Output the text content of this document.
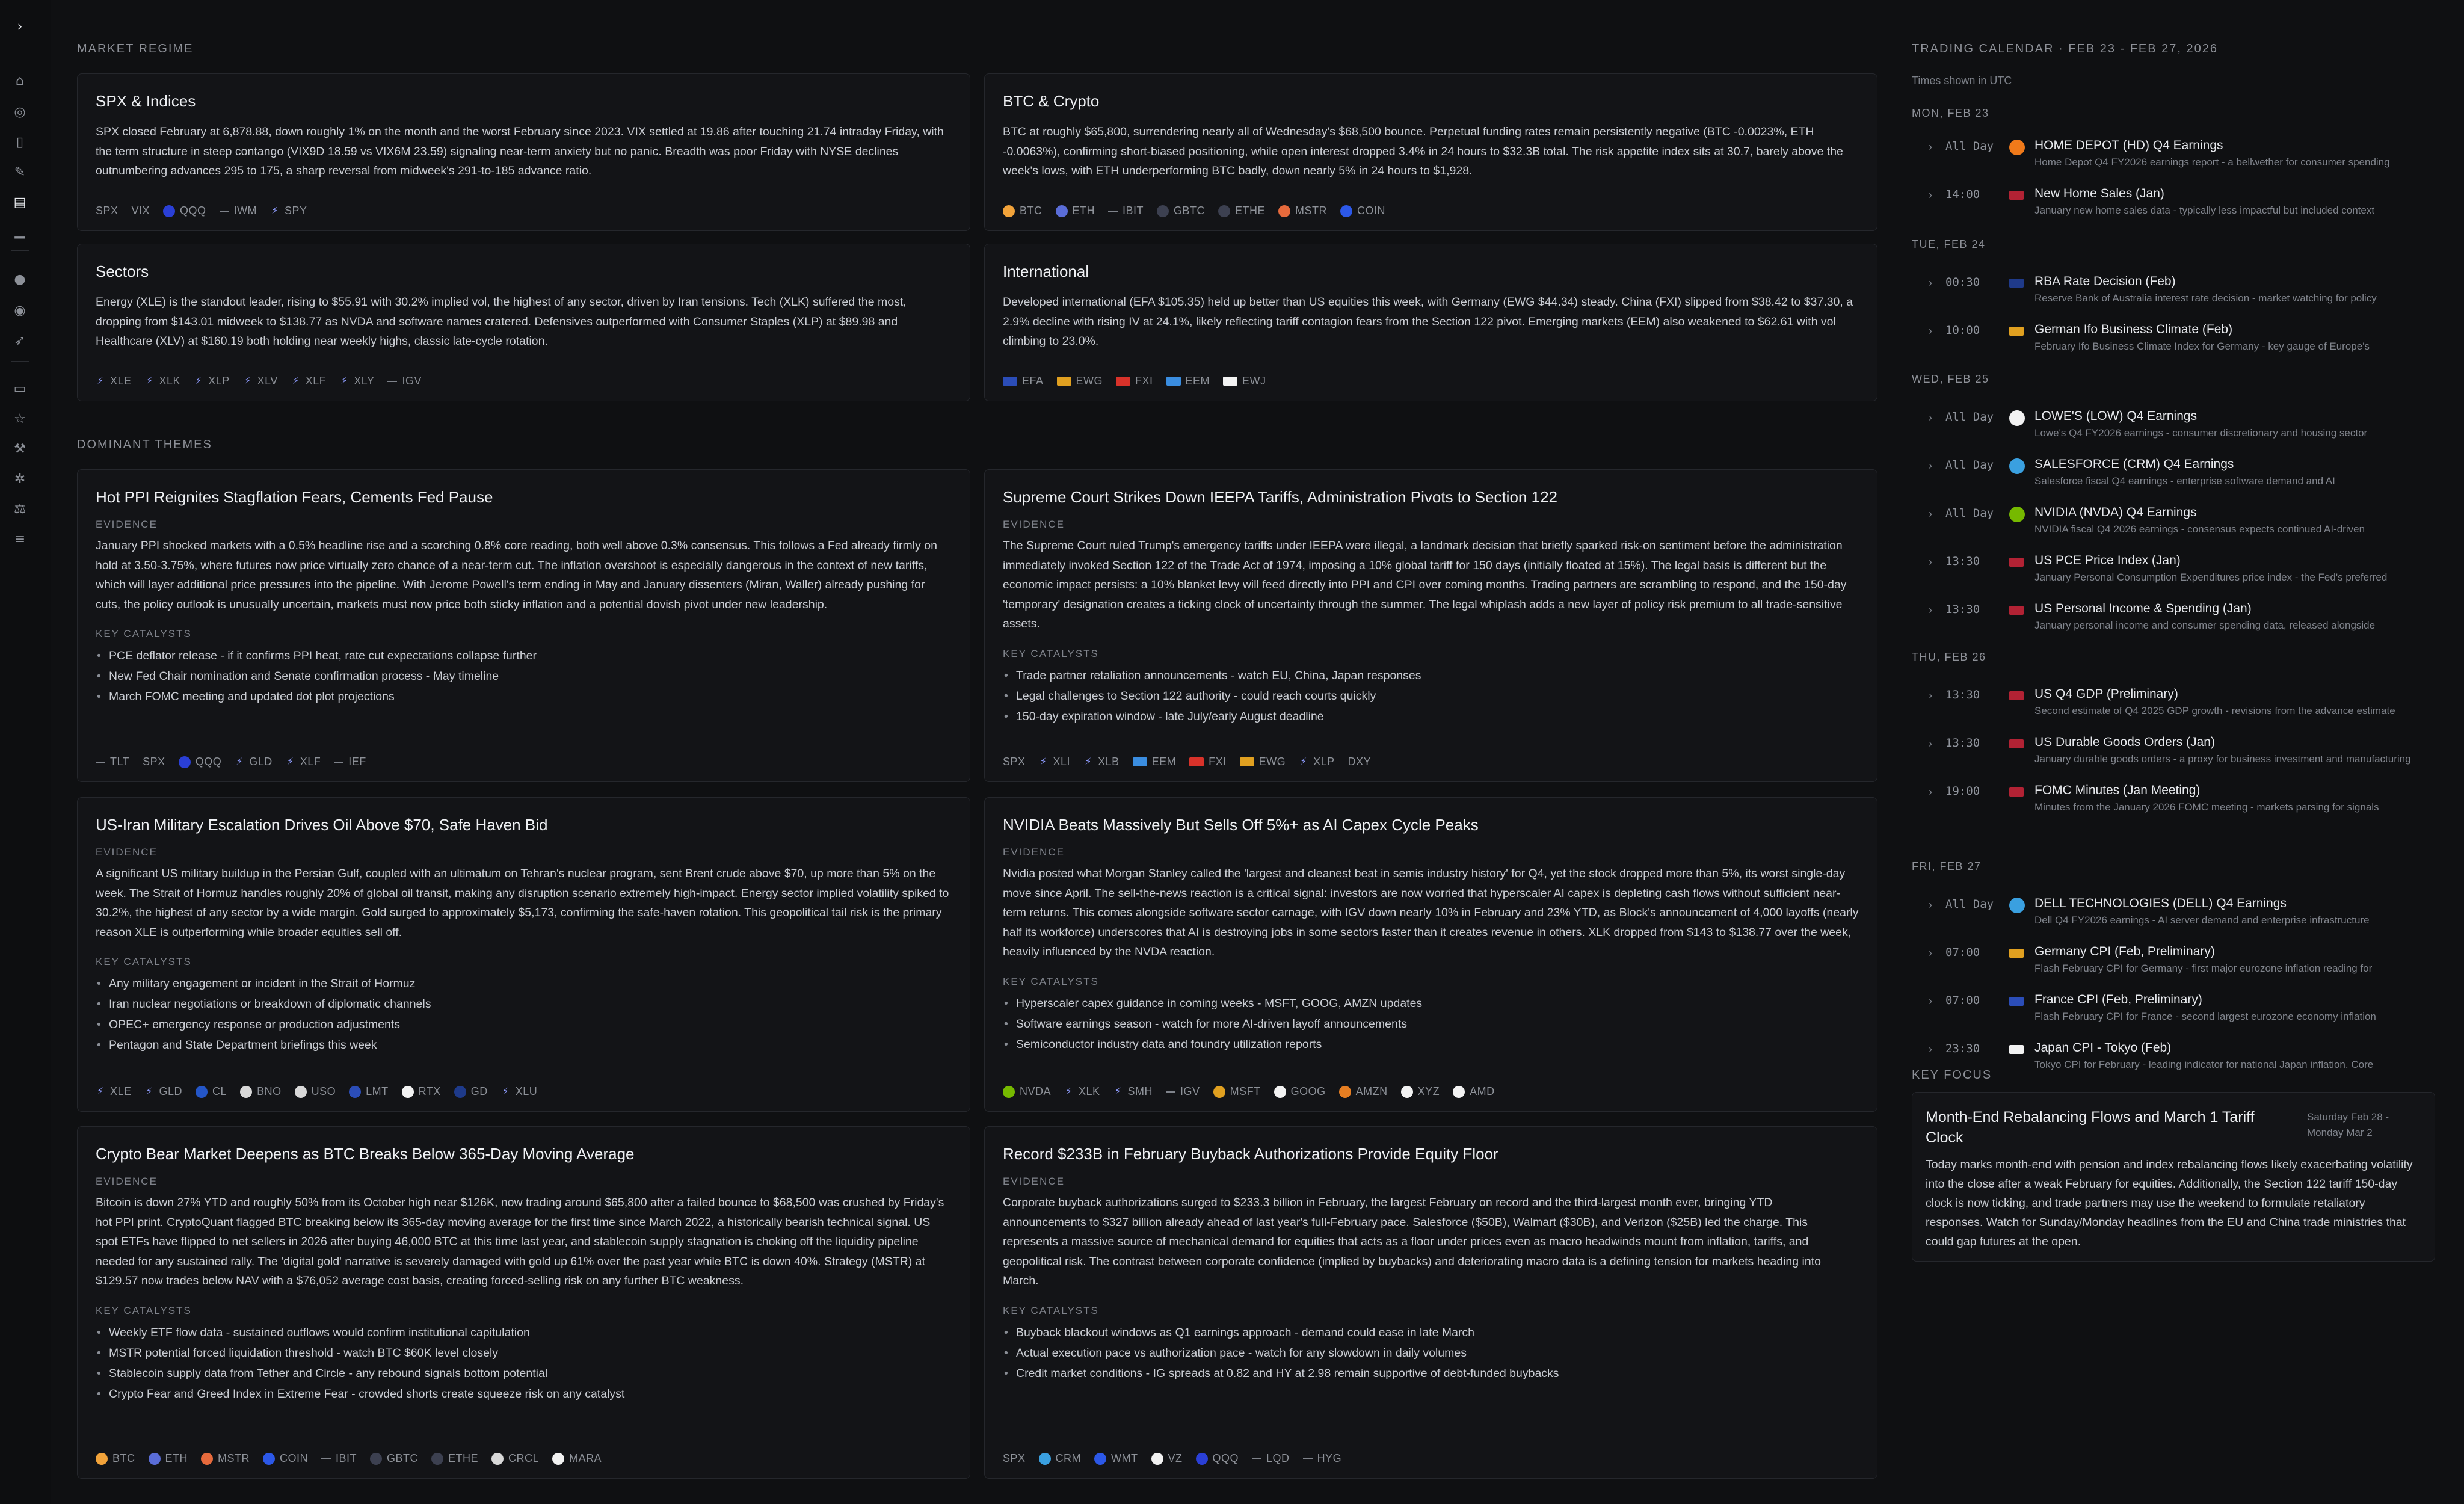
›
⌂
◎
▯
✎
▤
▁
●
◉
➶
▭
☆
⚒
✲
⚖
≡
MARKET REGIME
SPX & Indices
SPX closed February at 6,878.88, down roughly 1% on the month and the worst February since 2023. VIX settled at 19.86 after touching 21.74 intraday Friday, with the term structure in steep contango (VIX9D 18.59 vs VIX6M 23.59) signaling near-term anxiety but no panic. Breadth was poor Friday with NYSE declines outnumbering advances 295 to 175, a sharp reversal from midweek's 291-to-185 advance ratio.
SPX VIX	QQQ	IWM ⚡ SPY
BTC & Crypto
BTC at roughly $65,800, surrendering nearly all of Wednesday's $68,500 bounce. Perpetual funding rates remain persistently negative (BTC -0.0023%, ETH -0.0063%), confirming short-biased positioning, while open interest dropped 3.4% in 24 hours to $32.3B total. The risk appetite index sits at 30.7, barely above the week's lows, with ETH underperforming BTC badly, down nearly 5% in 24 hours to $1,928.
BTC	ETH	IBIT	GBTC	ETHE	MSTR	COIN
Sectors
Energy (XLE) is the standout leader, rising to $55.91 with 30.2% implied vol, the highest of any sector, driven by Iran tensions. Tech (XLK) suffered the most, dropping from $143.01 midweek to $138.77 as NVDA and software names cratered. Defensives outperformed with Consumer Staples (XLP) at $89.98 and Healthcare (XLV) at $160.19 both holding near weekly highs, classic late-cycle rotation.
⚡ XLE ⚡ XLK ⚡ XLP ⚡ XLV ⚡ XLF ⚡ XLY	IGV
International
Developed international (EFA $105.35) held up better than US equities this week, with Germany (EWG $44.34) steady. China (FXI) slipped from $38.42 to $37.30, a 2.9% decline with rising IV at 24.1%, likely reflecting tariff contagion fears from the Section 122 pivot. Emerging markets (EEM) also weakened to $62.61 with vol climbing to 23.0%.
EFA	EWG	FXI	EEM	EWJ
DOMINANT THEMES
Hot PPI Reignites Stagflation Fears, Cements Fed Pause
EVIDENCE
January PPI shocked markets with a 0.5% headline rise and a scorching 0.8% core reading, both well above 0.3% consensus. This follows a Fed already firmly on hold at 3.50-3.75%, where futures now price virtually zero chance of a near-term cut. The inflation overshoot is especially dangerous in the context of new tariffs, which will layer additional price pressures into the pipeline. With Jerome Powell's term ending in May and January dissenters (Miran, Waller) already pushing for cuts, the policy outlook is unusually uncertain, markets must now price both sticky inflation and a potential dovish pivot under new leadership.
KEY CATALYSTS
• PCE deflator release - if it confirms PPI heat, rate cut expectations collapse further
• New Fed Chair nomination and Senate confirmation process - May timeline
• March FOMC meeting and updated dot plot projections
TLT SPX	QQQ ⚡ GLD ⚡ XLF	IEF
Supreme Court Strikes Down IEEPA Tariffs, Administration Pivots to Section 122
EVIDENCE
The Supreme Court ruled Trump's emergency tariffs under IEEPA were illegal, a landmark decision that briefly sparked risk-on sentiment before the administration immediately invoked Section 122 of the Trade Act of 1974, imposing a 10% global tariff for 150 days (initially floated at 15%). The legal basis is different but the economic impact persists: a 10% blanket levy will feed directly into PPI and CPI over coming months. Trading partners are scrambling to respond, and the 150-day 'temporary' designation creates a ticking clock of uncertainty through the summer. The legal whiplash adds a new layer of policy risk premium to all trade-sensitive assets.
KEY CATALYSTS
• Trade partner retaliation announcements - watch EU, China, Japan responses
• Legal challenges to Section 122 authority - could reach courts quickly
• 150-day expiration window - late July/early August deadline
SPX ⚡ XLI ⚡ XLB	EEM	FXI	EWG ⚡ XLP DXY
US-Iran Military Escalation Drives Oil Above $70, Safe Haven Bid
EVIDENCE
A significant US military buildup in the Persian Gulf, coupled with an ultimatum on Tehran's nuclear program, sent Brent crude above $70, up more than 5% on the week. The Strait of Hormuz handles roughly 20% of global oil transit, making any disruption scenario extremely high-impact. Energy sector implied volatility spiked to 30.2%, the highest of any sector by a wide margin. Gold surged to approximately $5,173, confirming the safe-haven rotation. This geopolitical tail risk is the primary reason XLE is outperforming while broader equities sell off.
KEY CATALYSTS
• Any military engagement or incident in the Strait of Hormuz
• Iran nuclear negotiations or breakdown of diplomatic channels
• OPEC+ emergency response or production adjustments
• Pentagon and State Department briefings this week
⚡ XLE ⚡ GLD	CL	BNO	USO	LMT	RTX	GD ⚡ XLU
NVIDIA Beats Massively But Sells Off 5%+ as AI Capex Cycle Peaks
EVIDENCE
Nvidia posted what Morgan Stanley called the 'largest and cleanest beat in semis industry history' for Q4, yet the stock dropped more than 5%, its worst single-day move since April. The sell-the-news reaction is a critical signal: investors are now worried that hyperscaler AI capex is depleting cash flows without sufficient near-term returns. This comes alongside software sector carnage, with IGV down nearly 10% in February and 23% YTD, as Block's announcement of 4,000 layoffs (nearly half its workforce) underscores that AI is destroying jobs in some sectors faster than it creates revenue in others. XLK dropped from $143 to $138.77 over the week, heavily influenced by the NVDA reaction.
KEY CATALYSTS
• Hyperscaler capex guidance in coming weeks - MSFT, GOOG, AMZN updates
• Software earnings season - watch for more AI-driven layoff announcements
• Semiconductor industry data and foundry utilization reports
NVDA ⚡ XLK ⚡ SMH	IGV	MSFT	GOOG	AMZN	XYZ	AMD
Crypto Bear Market Deepens as BTC Breaks Below 365-Day Moving Average
EVIDENCE
Bitcoin is down 27% YTD and roughly 50% from its October high near $126K, now trading around $65,800 after a failed bounce to $68,500 was crushed by Friday's hot PPI print. CryptoQuant flagged BTC breaking below its 365-day moving average for the first time since March 2022, a historically bearish technical signal. US spot ETFs have flipped to net sellers in 2026 after buying 46,000 BTC at this time last year, and stablecoin supply stagnation is choking off the liquidity pipeline needed for any sustained rally. The 'digital gold' narrative is severely damaged with gold up 61% over the past year while BTC is down 40%. Strategy (MSTR) at $129.57 now trades below NAV with a $76,052 average cost basis, creating forced-selling risk on any further BTC weakness.
KEY CATALYSTS
• Weekly ETF flow data - sustained outflows would confirm institutional capitulation
• MSTR potential forced liquidation threshold - watch BTC $60K level closely
• Stablecoin supply data from Tether and Circle - any rebound signals bottom potential
• Crypto Fear and Greed Index in Extreme Fear - crowded shorts create squeeze risk on any catalyst
BTC	ETH	MSTR	COIN	IBIT	GBTC	ETHE	CRCL	MARA
Record $233B in February Buyback Authorizations Provide Equity Floor
EVIDENCE
Corporate buyback authorizations surged to $233.3 billion in February, the largest February on record and the third-largest month ever, bringing YTD announcements to $327 billion already ahead of last year's full-February pace. Salesforce ($50B), Walmart ($30B), and Verizon ($25B) led the charge. This represents a massive source of mechanical demand for equities that acts as a floor under prices even as macro headwinds mount from inflation, tariffs, and geopolitical risk. The contrast between corporate confidence (implied by buybacks) and deteriorating macro data is a defining tension for markets heading into March.
KEY CATALYSTS
• Buyback blackout windows as Q1 earnings approach - demand could ease in late March
• Actual execution pace vs authorization pace - watch for any slowdown in daily volumes
• Credit market conditions - IG spreads at 0.82 and HY at 2.98 remain supportive of debt-funded buybacks
SPX	CRM	WMT	VZ	QQQ	LQD	HYG
TRADING CALENDAR · FEB 23 - FEB 27, 2026
Times shown in UTC
MON, FEB 23
› All Day	HOME DEPOT (HD) Q4 Earnings
Home Depot Q4 FY2026 earnings report - a bellwether for consumer spending
› 14:00	New Home Sales (Jan)
January new home sales data - typically less impactful but included context
TUE, FEB 24
› 00:30	RBA Rate Decision (Feb)
Reserve Bank of Australia interest rate decision - market watching for policy
› 10:00	German Ifo Business Climate (Feb)
February Ifo Business Climate Index for Germany - key gauge of Europe's
WED, FEB 25
› All Day	LOWE'S (LOW) Q4 Earnings
Lowe's Q4 FY2026 earnings - consumer discretionary and housing sector
› All Day	SALESFORCE (CRM) Q4 Earnings
Salesforce fiscal Q4 earnings - enterprise software demand and AI
› All Day	NVIDIA (NVDA) Q4 Earnings
NVIDIA fiscal Q4 2026 earnings - consensus expects continued AI-driven
› 13:30	US PCE Price Index (Jan)
January Personal Consumption Expenditures price index - the Fed's preferred
› 13:30	US Personal Income & Spending (Jan)
January personal income and consumer spending data, released alongside
THU, FEB 26
› 13:30	US Q4 GDP (Preliminary)
Second estimate of Q4 2025 GDP growth - revisions from the advance estimate
› 13:30	US Durable Goods Orders (Jan)
January durable goods orders - a proxy for business investment and manufacturing
› 19:00	FOMC Minutes (Jan Meeting)
Minutes from the January 2026 FOMC meeting - markets parsing for signals
FRI, FEB 27
› All Day	DELL TECHNOLOGIES (DELL) Q4 Earnings
Dell Q4 FY2026 earnings - AI server demand and enterprise infrastructure
› 07:00	Germany CPI (Feb, Preliminary)
Flash February CPI for Germany - first major eurozone inflation reading for
› 07:00	France CPI (Feb, Preliminary)
Flash February CPI for France - second largest eurozone economy inflation
› 23:30	Japan CPI - Tokyo (Feb)
Tokyo CPI for February - leading indicator for national Japan inflation. Core
KEY FOCUS
Month-End Rebalancing Flows and March 1 Tariff Clock
Saturday Feb 28 - Monday Mar 2
Today marks month-end with pension and index rebalancing flows likely exacerbating volatility into the close after a weak February for equities. Additionally, the Section 122 tariff 150-day clock is now ticking, and trade partners may use the weekend to formulate retaliatory responses. Watch for Sunday/Monday headlines from the EU and China trade ministries that could gap futures at the open.
